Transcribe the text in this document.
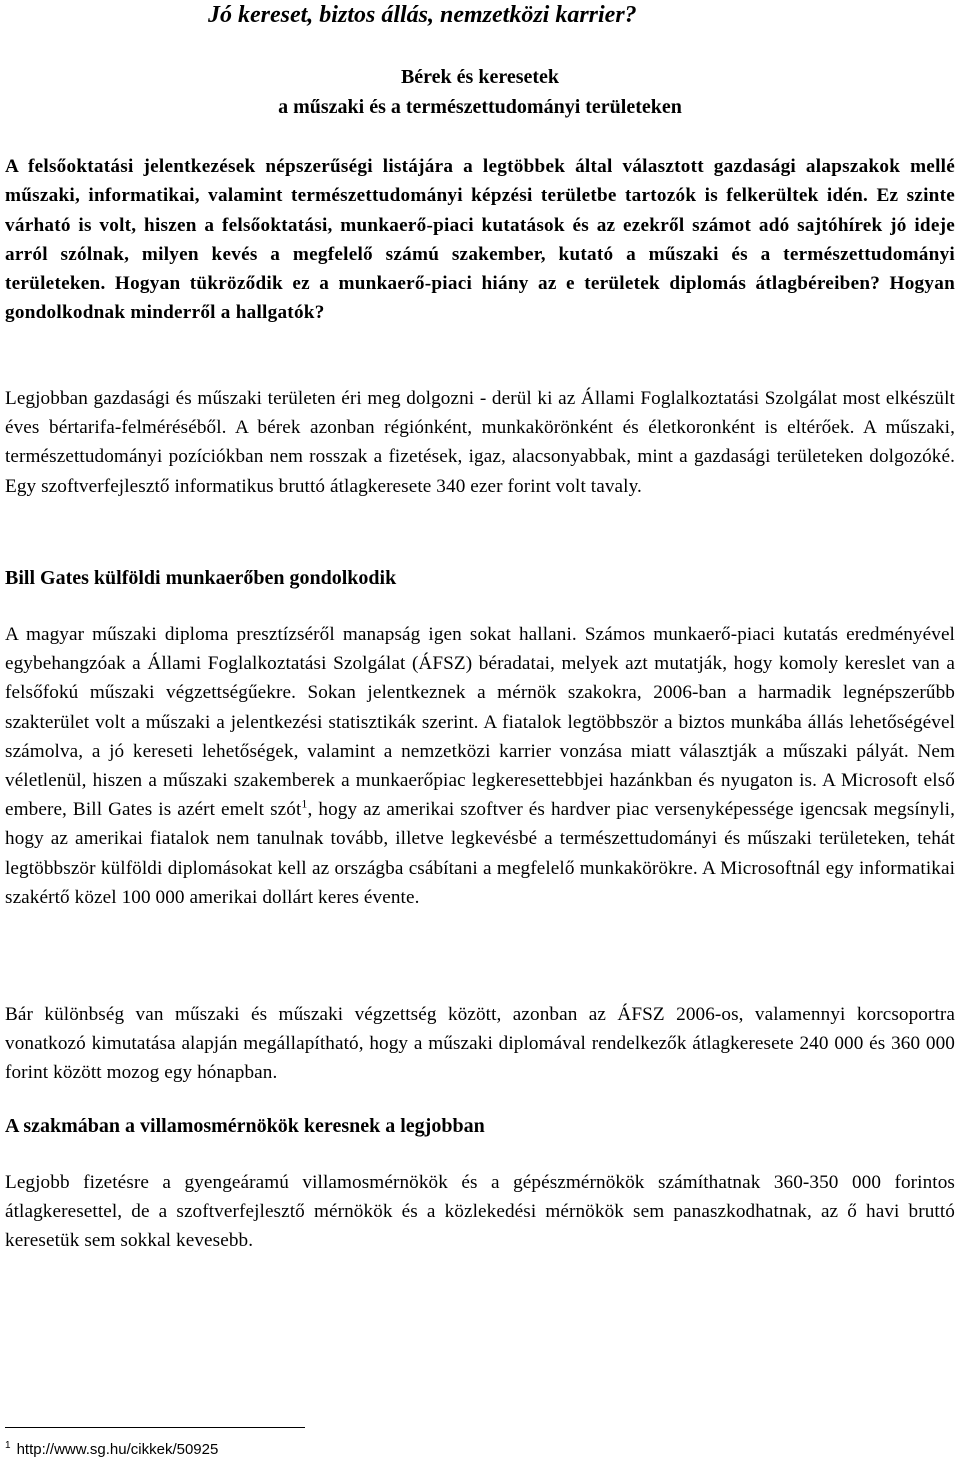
Jó kereset, biztos állás, nemzetközi karrier?
Bérek és keresetek
a műszaki és a természettudományi területeken

A felsőoktatási jelentkezések népszerűségi listájára a legtöbbek által választott gazdasági alapszakok mellé műszaki, informatikai, valamint természettudományi képzési területbe tartozók is felkerültek idén. Ez szinte várható is volt, hiszen a felsőoktatási, munkaerő-piaci kutatások és az ezekről számot adó sajtóhírek jó ideje arról szólnak, milyen kevés a megfelelő számú szakember, kutató a műszaki és a természettudományi területeken. Hogyan tükröződik ez a munkaerő-piaci hiány az e területek diplomás átlagbéreiben? Hogyan gondolkodnak minderről a hallgatók?

Legjobban gazdasági és műszaki területen éri meg dolgozni - derül ki az Állami Foglalkoztatási Szolgálat most elkészült éves bértarifa-felméréséből. A bérek azonban régiónként, munkakörönként és életkoronként is eltérőek. A műszaki, természettudományi pozíciókban nem rosszak a fizetések, igaz, alacsonyabbak, mint a gazdasági területeken dolgozóké. Egy szoftverfejlesztő informatikus bruttó átlagkeresete 340 ezer forint volt tavaly.

Bill Gates külföldi munkaerőben gondolkodik

A magyar műszaki diploma presztízséről manapság igen sokat hallani. Számos munkaerő-piaci kutatás eredményével egybehangzóak a Állami Foglalkoztatási Szolgálat (ÁFSZ) béradatai, melyek azt mutatják, hogy komoly kereslet van a felsőfokú műszaki végzettségűekre. Sokan jelentkeznek a mérnök szakokra, 2006-ban a harmadik legnépszerűbb szakterület volt a műszaki a jelentkezési statisztikák szerint. A fiatalok legtöbbször a biztos munkába állás lehetőségével számolva, a jó kereseti lehetőségek, valamint a nemzetközi karrier vonzása miatt választják a műszaki pályát. Nem véletlenül, hiszen a műszaki szakemberek a munkaerőpiac legkeresettebbjei hazánkban és nyugaton is. A Microsoft első embere, Bill Gates is azért emelt szót$^1$, hogy az amerikai szoftver és hardver piac versenyképessége igencsak megsínyli, hogy az amerikai fiatalok nem tanulnak tovább, illetve legkevésbé a természettudományi és műszaki területeken, tehát legtöbbször külföldi diplomásokat kell az országba csábítani a megfelelő munkakörökre. A Microsoftnál egy informatikai szakértő közel 100 000 amerikai dollárt keres évente.

Bár különbség van műszaki és műszaki végzettség között, azonban az ÁFSZ 2006-os, valamennyi korcsoportra vonatkozó kimutatása alapján megállapítható, hogy a műszaki diplomával rendelkezők átlagkeresete 240 000 és 360 000 forint között mozog egy hónapban.

A szakmában a villamosmérnökök keresnek a legjobban

Legjobb fizetésre a gyengeáramú villamosmérnökök és a gépészmérnökök számíthatnak 360-350 000 forintos átlagkeresettel, de a szoftverfejlesztő mérnökök és a közlekedési mérnökök sem panaszkodhatnak, az ő havi bruttó keresetük sem sokkal kevesebb.

$^1$ http://www.sg.hu/cikkek/50925
